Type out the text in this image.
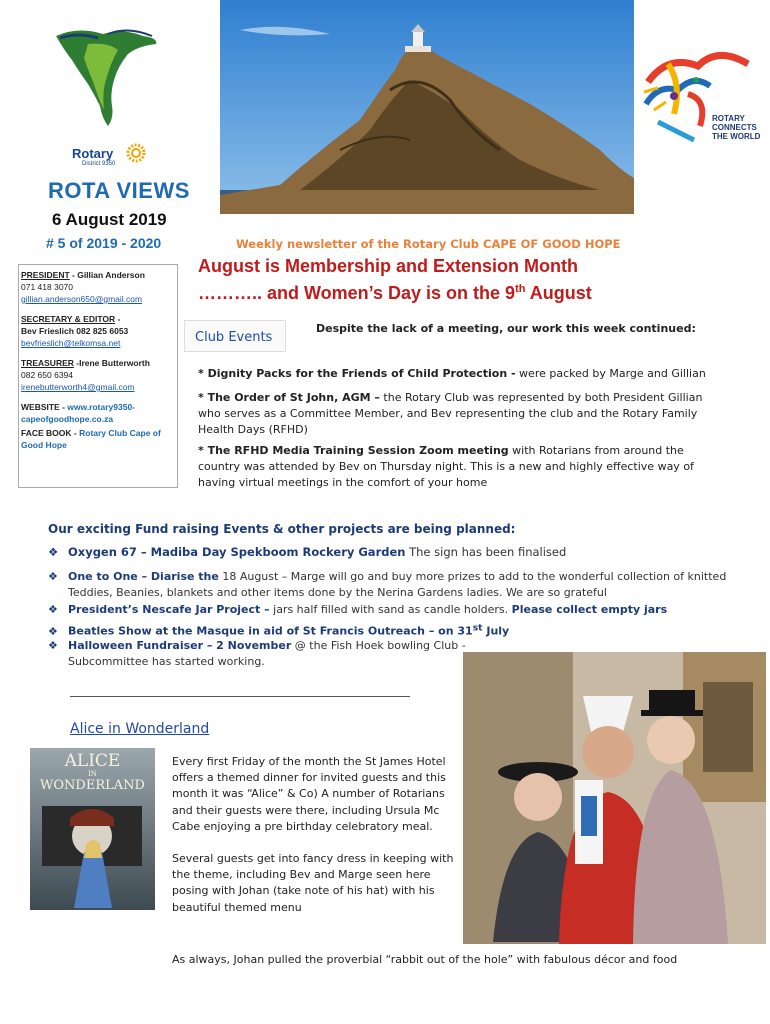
Rotary
District 9350
ROTA VIEWS
6 August 2019
# 5 of 2019 - 2020	Weekly newsletter of the Rotary Club CAPE OF GOOD HOPE
ROTARY
CONNECTS
THE WORLD
PRESIDENT - Gillian Anderson
071 418 3070
gillian.anderson650@gmail.com
SECRETARY & EDITOR -
Bev Frieslich 082 825 6053
bevfrieslich@telkomsa.net
TREASURER -Irene Butterworth
082 650 6394
irenebutterworth4@gmail.com
WEBSITE - www.rotary9350-capeofgoodhope.co.za
FACE BOOK - Rotary Club Cape of Good Hope
August is Membership and Extension Month
……….. and Women’s Day is on the 9th August
Club Events
Despite the lack of a meeting, our work this week continued:
* Dignity Packs for the Friends of Child Protection - were packed by Marge and Gillian
* The Order of St John, AGM – the Rotary Club was represented by both President Gillian who serves as a Committee Member, and Bev representing the club and the Rotary Family Health Days (RFHD)
* The RFHD Media Training Session Zoom meeting with Rotarians from around the country was attended by Bev on Thursday night. This is a new and highly effective way of having virtual meetings in the comfort of your home
Our exciting Fund raising Events & other projects are being planned:
❖ Oxygen 67 – Madiba Day Spekboom Rockery Garden The sign has been finalised
❖ One to One – Diarise the 18 August – Marge will go and buy more prizes to add to the wonderful collection of knitted Teddies, Beanies, blankets and other items done by the Nerina Gardens ladies. We are so grateful
❖ President’s Nescafe Jar Project – jars half filled with sand as candle holders. Please collect empty jars
❖ Beatles Show at the Masque in aid of St Francis Outreach – on 31st July
❖ Halloween Fundraiser – 2 November @ the Fish Hoek bowling Club - Subcommittee has started working.
Alice in Wonderland
ALICE
IN
WONDERLAND

Every first Friday of the month the St James Hotel offers a themed dinner for invited guests and this month it was “Alice” & Co) A number of Rotarians and their guests were there, including Ursula Mc Cabe enjoying a pre birthday celebratory meal.

Several guests get into fancy dress in keeping with the theme, including Bev and Marge seen here posing with Johan (take note of his hat) with his beautiful themed menu

As always, Johan pulled the proverbial “rabbit out of the hole” with fabulous décor and food
